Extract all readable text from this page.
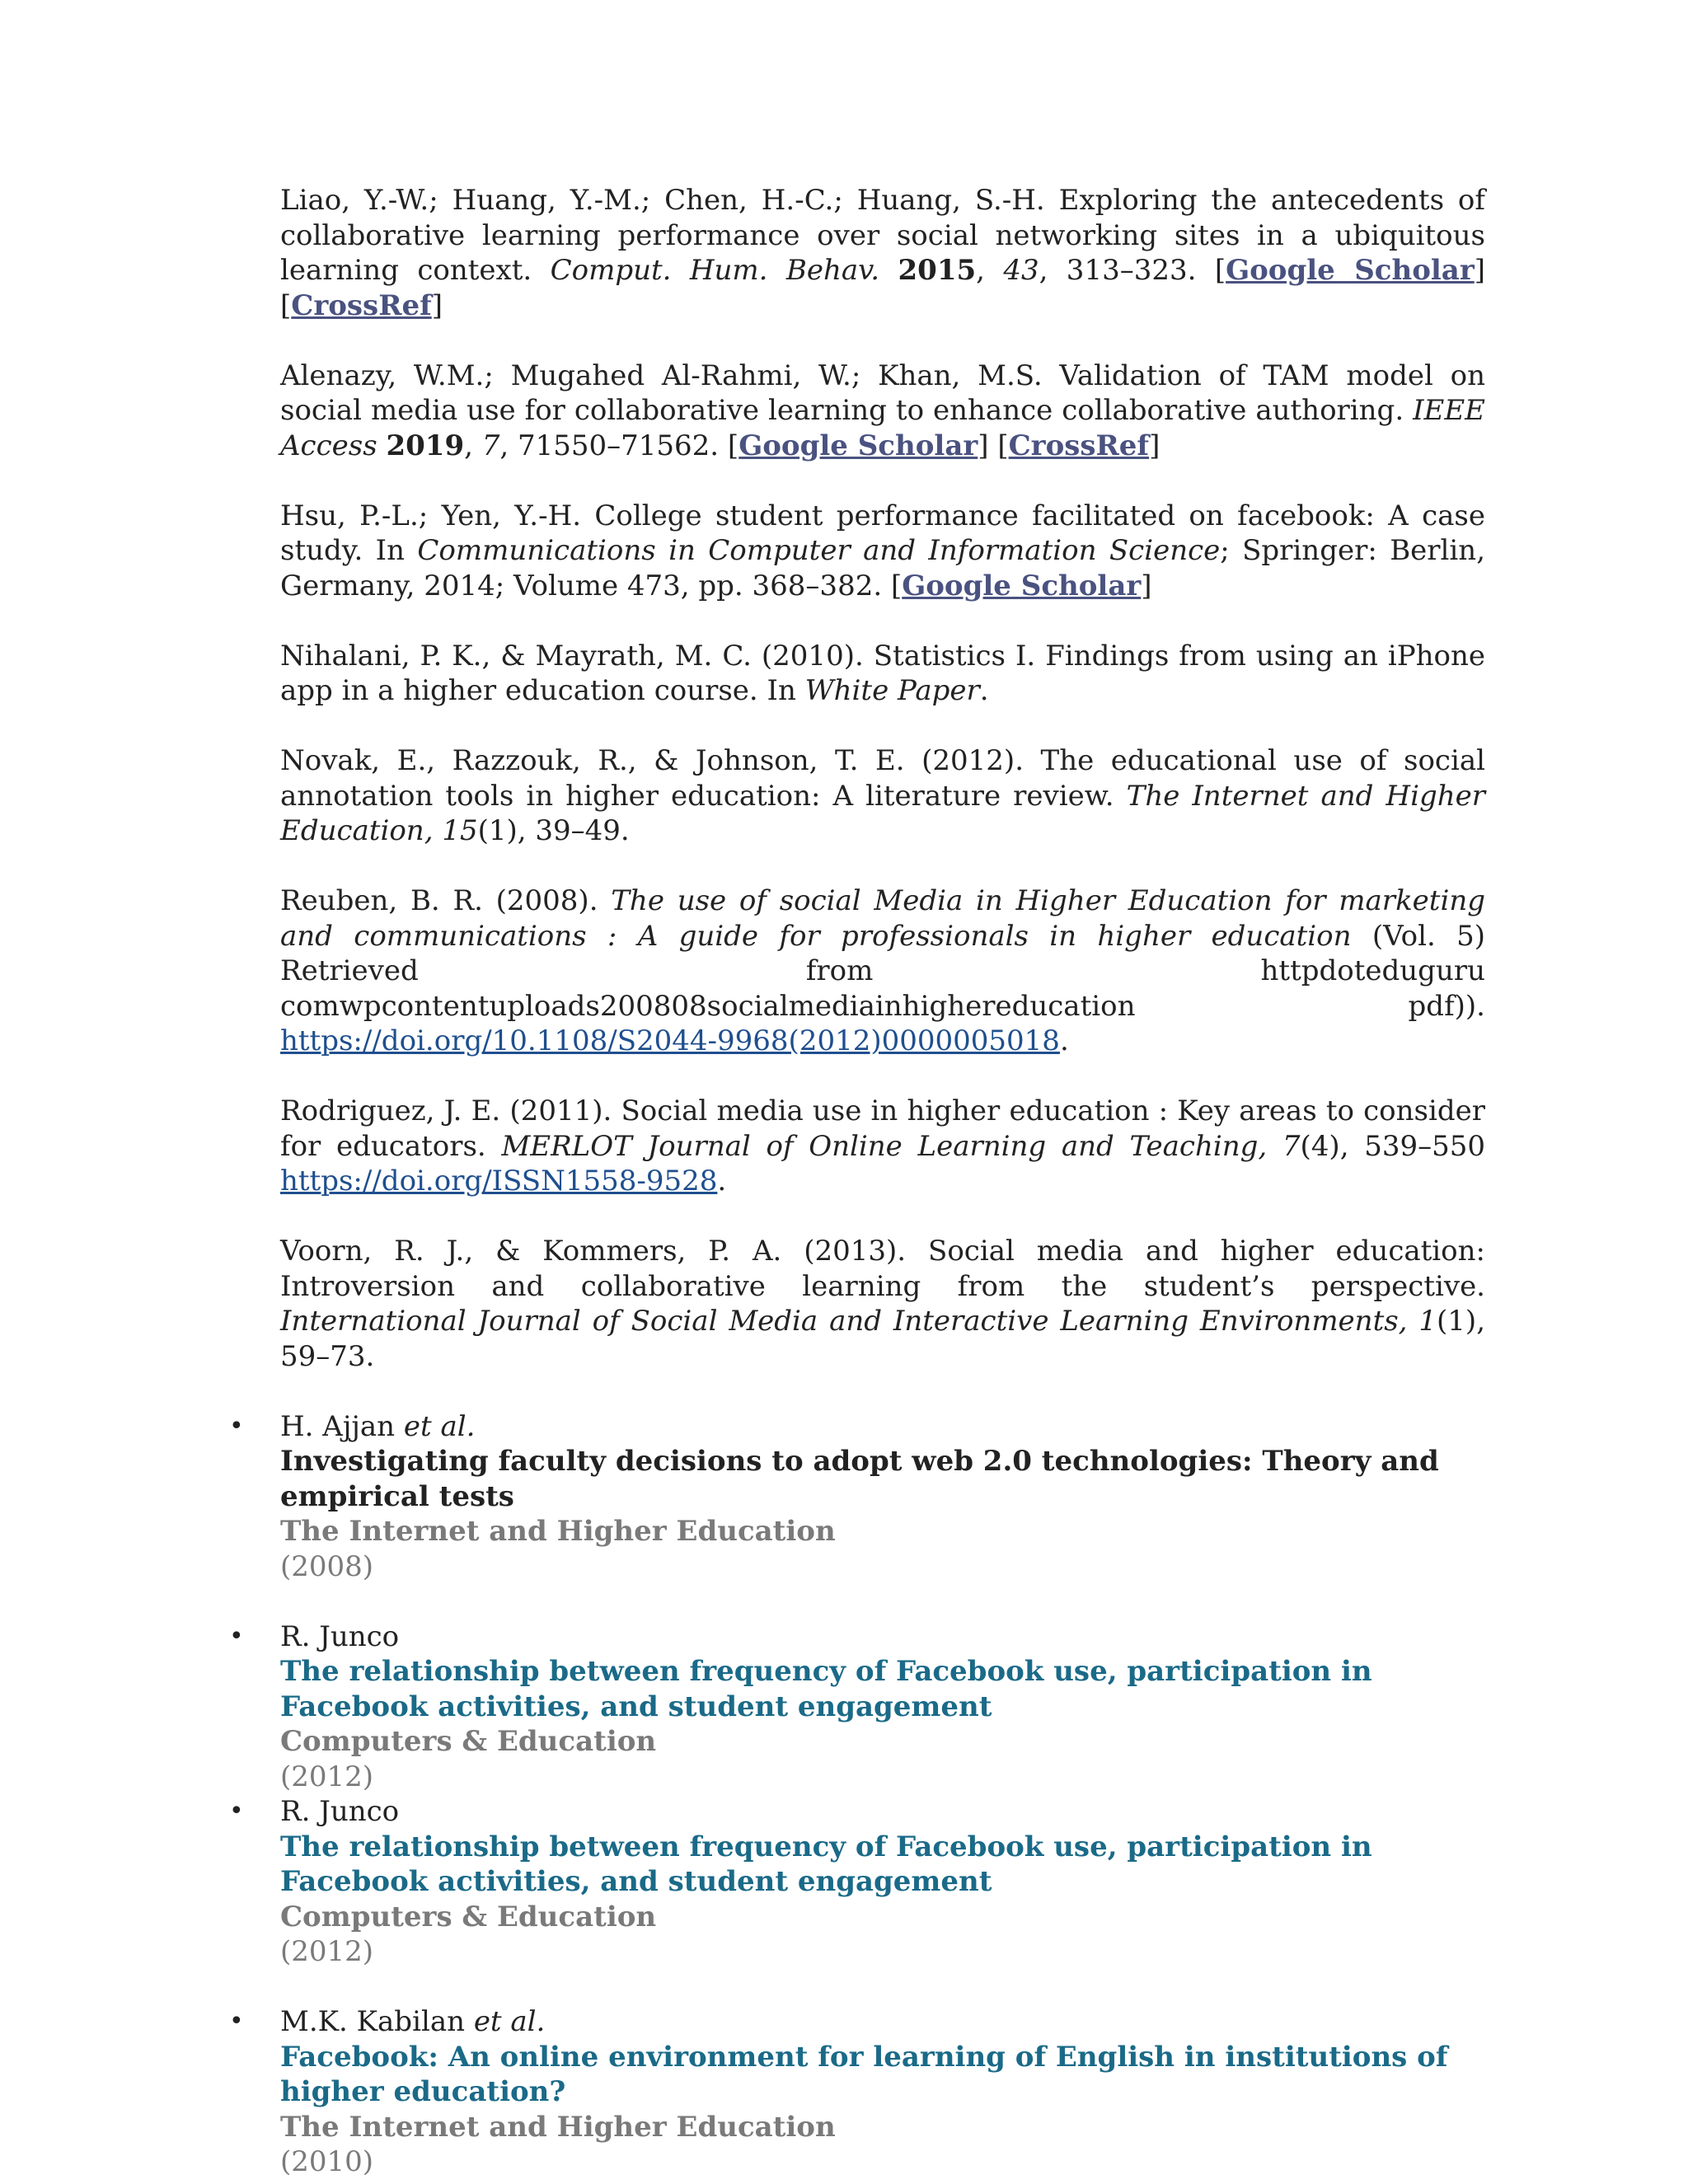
Liao, Y.-W.; Huang, Y.-M.; Chen, H.-C.; Huang, S.-H. Exploring the antecedents of collaborative learning performance over social networking sites in a ubiquitous learning context. Comput. Hum. Behav. 2015, 43, 313–323. [Google Scholar] [CrossRef]

Alenazy, W.M.; Mugahed Al-Rahmi, W.; Khan, M.S. Validation of TAM model on social media use for collaborative learning to enhance collaborative authoring. IEEE Access 2019, 7, 71550–71562. [Google Scholar] [CrossRef]

Hsu, P.-L.; Yen, Y.-H. College student performance facilitated on facebook: A case study. In Communications in Computer and Information Science; Springer: Berlin, Germany, 2014; Volume 473, pp. 368–382. [Google Scholar]

Nihalani, P. K., & Mayrath, M. C. (2010). Statistics I. Findings from using an iPhone app in a higher education course. In White Paper.

Novak, E., Razzouk, R., & Johnson, T. E. (2012). The educational use of social annotation tools in higher education: A literature review. The Internet and Higher Education, 15(1), 39–49.

Reuben, B. R. (2008). The use of social Media in Higher Education for marketing and communications : A guide for professionals in higher education (Vol. 5) Retrieved from httpdoteduguru comwpcontentuploads200808socialmediainhighereducation pdf)). https://doi.org/10.1108/S2044-9968(2012)0000005018.

Rodriguez, J. E. (2011). Social media use in higher education : Key areas to consider for educators. MERLOT Journal of Online Learning and Teaching, 7(4), 539–550 https://doi.org/ISSN1558-9528.

Voorn, R. J., & Kommers, P. A. (2013). Social media and higher education: Introversion and collaborative learning from the student’s perspective. International Journal of Social Media and Interactive Learning Environments, 1(1), 59–73.

• H. Ajjan et al.
Investigating faculty decisions to adopt web 2.0 technologies: Theory and empirical tests
The Internet and Higher Education
(2008)
• R. Junco
The relationship between frequency of Facebook use, participation in Facebook activities, and student engagement
Computers & Education
(2012)
• R. Junco
The relationship between frequency of Facebook use, participation in Facebook activities, and student engagement
Computers & Education
(2012)
• M.K. Kabilan et al.
Facebook: An online environment for learning of English in institutions of higher education?
The Internet and Higher Education
(2010)
